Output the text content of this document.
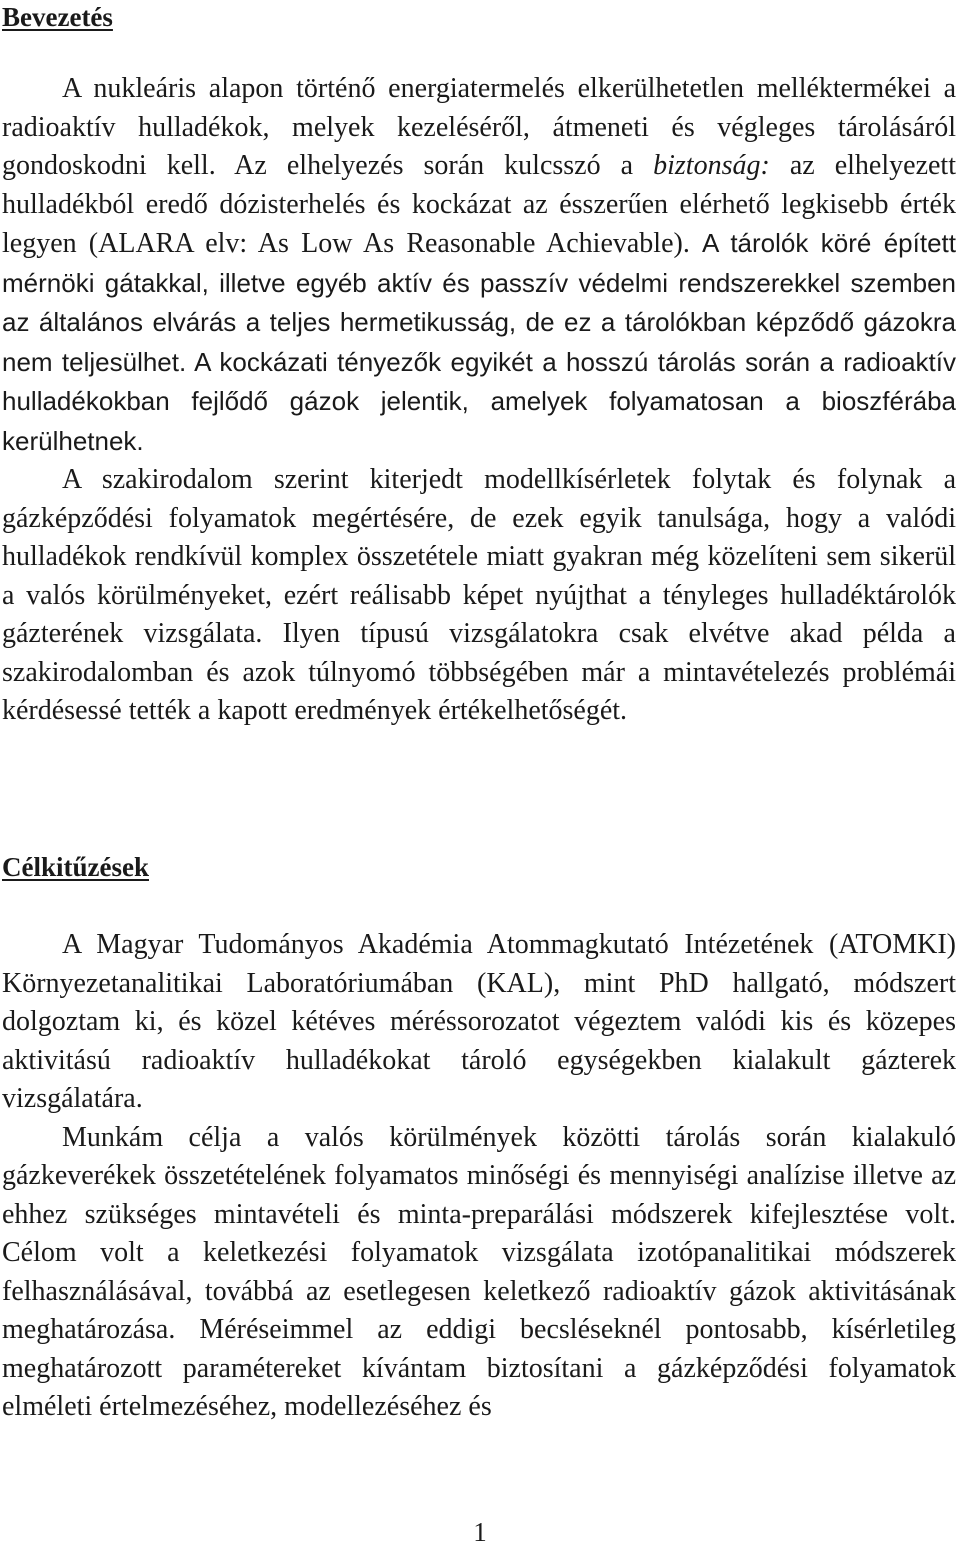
Bevezetés

A nukleáris alapon történő energiatermelés elkerülhetetlen melléktermékei a radioaktív hulladékok, melyek kezeléséről, átmeneti és végleges tárolásáról gondoskodni kell. Az elhelyezés során kulcsszó a biztonság: az elhelyezett hulladékból eredő dózisterhelés és kockázat az ésszerűen elérhető legkisebb érték legyen (ALARA elv: As Low As Reasonable Achievable). A tárolók köré épített mérnöki gátakkal, illetve egyéb aktív és passzív védelmi rendszerekkel szemben az általános elvárás a teljes hermetikusság, de ez a tárolókban képződő gázokra nem teljesülhet. A kockázati tényezők egyikét a hosszú tárolás során a radioaktív hulladékokban fejlődő gázok jelentik, amelyek folyamatosan a bioszférába kerülhetnek.

A szakirodalom szerint kiterjedt modellkísérletek folytak és folynak a gázképződési folyamatok megértésére, de ezek egyik tanulsága, hogy a valódi hulladékok rendkívül komplex összetétele miatt gyakran még közelíteni sem sikerül a valós körülményeket, ezért reálisabb képet nyújthat a tényleges hulladéktárolók gázterének vizsgálata. Ilyen típusú vizsgálatokra csak elvétve akad példa a szakirodalomban és azok túlnyomó többségében már a mintavételezés problémái kérdésessé tették a kapott eredmények értékelhetőségét.

Célkitűzések

A Magyar Tudományos Akadémia Atommagkutató Intézetének (ATOMKI) Környezetanalitikai Laboratóriumában (KAL), mint PhD hallgató, módszert dolgoztam ki, és közel kétéves méréssorozatot végeztem valódi kis és közepes aktivitású radioaktív hulladékokat tároló egységekben kialakult gázterek vizsgálatára.

Munkám célja a valós körülmények közötti tárolás során kialakuló gázkeverékek összetételének folyamatos minőségi és mennyiségi analízise illetve az ehhez szükséges mintavételi és minta-preparálási módszerek kifejlesztése volt. Célom volt a keletkezési folyamatok vizsgálata izotópanalitikai módszerek felhasználásával, továbbá az esetlegesen keletkező radioaktív gázok aktivitásának meghatározása. Méréseimmel az eddigi becsléseknél pontosabb, kísérletileg meghatározott paramétereket kívántam biztosítani a gázképződési folyamatok elméleti értelmezéséhez, modellezéséhez és

1
